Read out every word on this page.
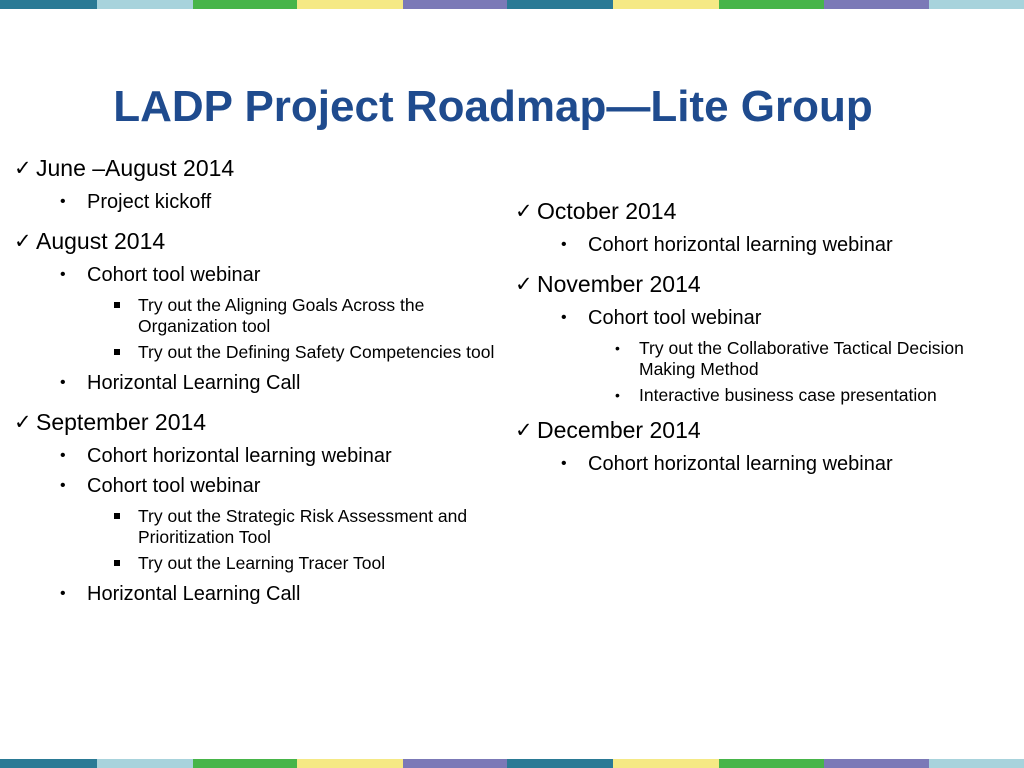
LADP Project Roadmap—Lite Group
✓ June –August 2014
• Project kickoff
✓ August 2014
• Cohort tool webinar
Try out the Aligning Goals Across the Organization tool
Try out the Defining Safety Competencies tool
• Horizontal Learning Call
✓ September 2014
• Cohort horizontal learning webinar
• Cohort tool webinar
Try out the Strategic Risk Assessment and Prioritization Tool
Try out the Learning Tracer Tool
• Horizontal Learning Call
✓ October 2014
• Cohort horizontal learning webinar
✓ November 2014
• Cohort tool webinar
• Try out the Collaborative Tactical Decision Making Method
• Interactive business case presentation
✓ December 2014
• Cohort horizontal learning webinar
